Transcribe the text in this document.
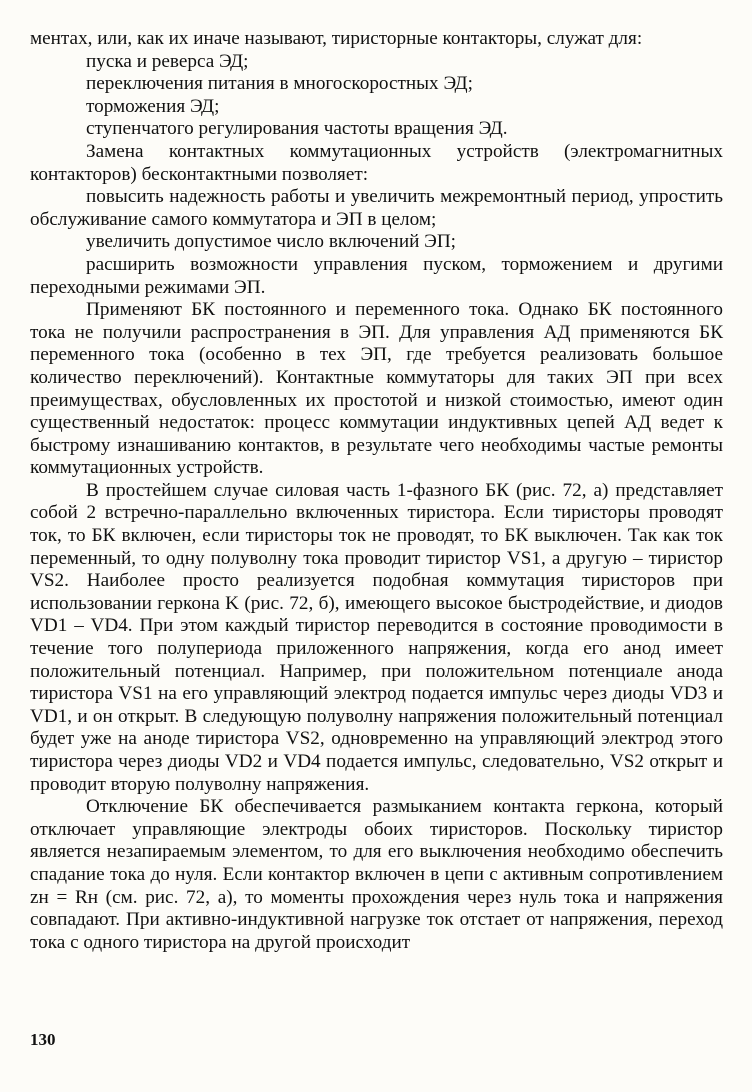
ментах, или, как их иначе называют, тиристорные контакторы, служат для:

пуска и реверса ЭД;

переключения питания в многоскоростных ЭД;

торможения ЭД;

ступенчатого регулирования частоты вращения ЭД.

Замена контактных коммутационных устройств (электромагнитных контакторов) бесконтактными позволяет:

повысить надежность работы и увеличить межремонтный период, упростить обслуживание самого коммутатора и ЭП в целом;

увеличить допустимое число включений ЭП;

расширить возможности управления пуском, торможением и другими переходными режимами ЭП.

Применяют БК постоянного и переменного тока. Однако БК постоянного тока не получили распространения в ЭП. Для управления АД применяются БК переменного тока (особенно в тех ЭП, где требуется реализовать большое количество переключений). Контактные коммутаторы для таких ЭП при всех преимуществах, обусловленных их простотой и низкой стоимостью, имеют один существенный недостаток: процесс коммутации индуктивных цепей АД ведет к быстрому изнашиванию контактов, в результате чего необходимы частые ремонты коммутационных устройств.

В простейшем случае силовая часть 1-фазного БК (рис. 72, а) представляет собой 2 встречно-параллельно включенных тиристора. Если тиристоры проводят ток, то БК включен, если тиристоры ток не проводят, то БК выключен. Так как ток переменный, то одну полуволну тока проводит тиристор VS1, а другую – тиристор VS2. Наиболее просто реализуется подобная коммутация тиристоров при использовании геркона K (рис. 72, б), имеющего высокое быстродействие, и диодов VD1 – VD4. При этом каждый тиристор переводится в состояние проводимости в течение того полупериода приложенного напряжения, когда его анод имеет положительный потенциал. Например, при положительном потенциале анода тиристора VS1 на его управляющий электрод подается импульс через диоды VD3 и VD1, и он открыт. В следующую полуволну напряжения положительный потенциал будет уже на аноде тиристора VS2, одновременно на управляющий электрод этого тиристора через диоды VD2 и VD4 подается импульс, следовательно, VS2 открыт и проводит вторую полуволну напряжения.

Отключение БК обеспечивается размыканием контакта геркона, который отключает управляющие электроды обоих тиристоров. Поскольку тиристор является незапираемым элементом, то для его выключения необходимо обеспечить спадание тока до нуля. Если контактор включен в цепи с активным сопротивлением zн = Rн (см. рис. 72, а), то моменты прохождения через нуль тока и напряжения совпадают. При активно-индуктивной нагрузке ток отстает от напряжения, переход тока с одного тиристора на другой происходит

130
